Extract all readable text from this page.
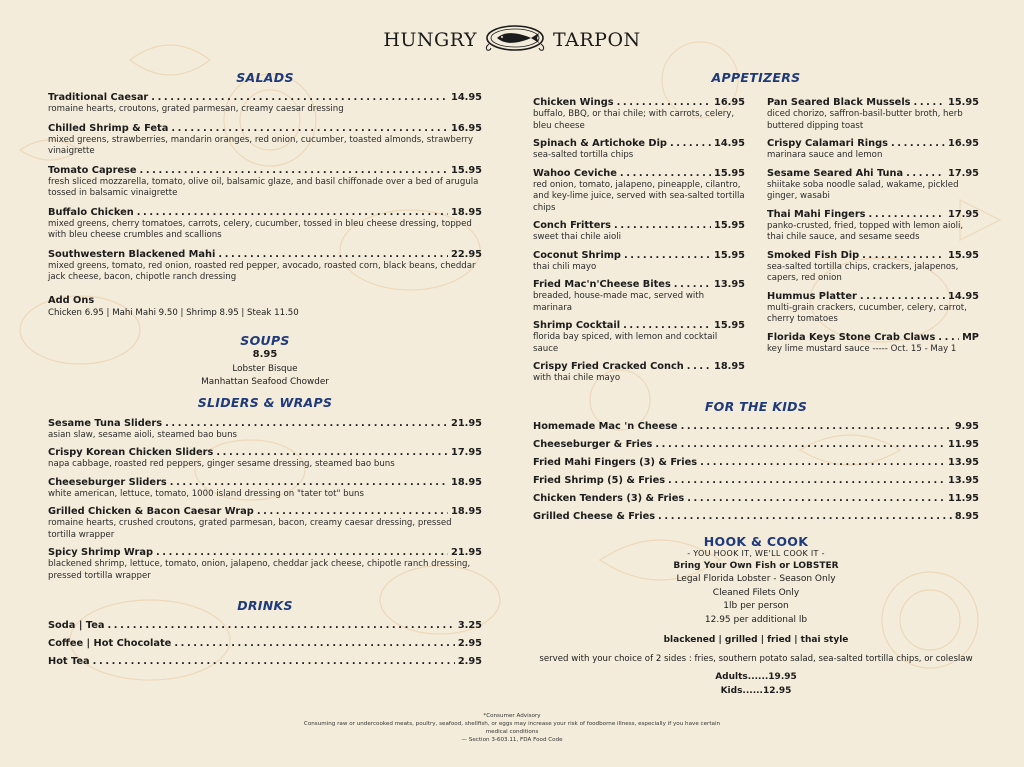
HUNGRY	TARPON
SALADS
Traditional Caesar .....	14.95
romaine hearts, croutons, grated parmesan, creamy caesar dressing
Chilled Shrimp & Feta .....	16.95
mixed greens, strawberries, mandarin oranges, red onion, cucumber, toasted almonds, strawberry vinaigrette
Tomato Caprese .....	15.95
fresh sliced mozzarella, tomato, olive oil, balsamic glaze, and basil chiffonade over a bed of arugula tossed in balsamic vinaigrette
Buffalo Chicken .....	18.95
mixed greens, cherry tomatoes, carrots, celery, cucumber, tossed in bleu cheese dressing, topped with bleu cheese crumbles and scallions
Southwestern Blackened Mahi .....	22.95
mixed greens, tomato, red onion, roasted red pepper, avocado, roasted corn, black beans, cheddar jack cheese, bacon, chipotle ranch dressing
Add Ons
Chicken 6.95 | Mahi Mahi 9.50 | Shrimp 8.95 | Steak 11.50
SOUPS
8.95
Lobster Bisque
Manhattan Seafood Chowder
SLIDERS & WRAPS
Sesame Tuna Sliders .....	21.95
asian slaw, sesame aioli, steamed bao buns
Crispy Korean Chicken Sliders .....	17.95
napa cabbage, roasted red peppers, ginger sesame dressing, steamed bao buns
Cheeseburger Sliders .....	18.95
white american, lettuce, tomato, 1000 island dressing on "tater tot" buns
Grilled Chicken & Bacon Caesar Wrap .....	18.95
romaine hearts, crushed croutons, grated parmesan, bacon, creamy caesar dressing, pressed tortilla wrapper
Spicy Shrimp Wrap .....	21.95
blackened shrimp, lettuce, tomato, onion, jalapeno, cheddar jack cheese, chipotle ranch dressing, pressed tortilla wrapper
DRINKS
Soda | Tea .....	3.25
Coffee | Hot Chocolate .....	2.95
Hot Tea .....	2.95
APPETIZERS
Chicken Wings .....	16.95
buffalo, BBQ, or thai chile; with carrots, celery, bleu cheese
Spinach & Artichoke Dip .....	14.95
sea-salted tortilla chips
Wahoo Ceviche .....	15.95
red onion, tomato, jalapeno, pineapple, cilantro, and key-lime juice, served with sea-salted tortilla chips
Conch Fritters .....	15.95
sweet thai chile aioli
Coconut Shrimp .....	15.95
thai chili mayo
Fried Mac'n'Cheese Bites .....	13.95
breaded, house-made mac, served with marinara
Shrimp Cocktail .....	15.95
florida bay spiced, with lemon and cocktail sauce
Crispy Fried Cracked Conch .....	18.95
with thai chile mayo
Pan Seared Black Mussels .....	15.95
diced chorizo, saffron-basil-butter broth, herb buttered dipping toast
Crispy Calamari Rings .....	16.95
marinara sauce and lemon
Sesame Seared Ahi Tuna .....	17.95
shiitake soba noodle salad, wakame, pickled ginger, wasabi
Thai Mahi Fingers .....	17.95
panko-crusted, fried, topped with lemon aioli, thai chile sauce, and sesame seeds
Smoked Fish Dip .....	15.95
sea-salted tortilla chips, crackers, jalapenos, capers, red onion
Hummus Platter .....	14.95
multi-grain crackers, cucumber, celery, carrot, cherry tomatoes
Florida Keys Stone Crab Claws .....	MP
key lime mustard sauce ----- Oct. 15 - May 1
FOR THE KIDS
Homemade Mac 'n Cheese .....	9.95
Cheeseburger & Fries .....	11.95
Fried Mahi Fingers (3) & Fries .....	13.95
Fried Shrimp (5) & Fries .....	13.95
Chicken Tenders (3) & Fries .....	11.95
Grilled Cheese & Fries .....	8.95
HOOK & COOK
- YOU HOOK IT, WE'LL COOK IT -
Bring Your Own Fish or LOBSTER
Legal Florida Lobster - Season Only
Cleaned Filets Only
1lb per person
12.95 per additional lb
blackened | grilled | fried | thai style
served with your choice of 2 sides : fries, southern potato salad, sea-salted tortilla chips, or coleslaw
Adults......19.95
Kids......12.95
*Consumer Advisory
Consuming raw or undercooked meats, poultry, seafood, shellfish, or eggs may increase your risk of foodborne illness, especially if you have certain medical conditions
— Section 3-603.11, FDA Food Code
